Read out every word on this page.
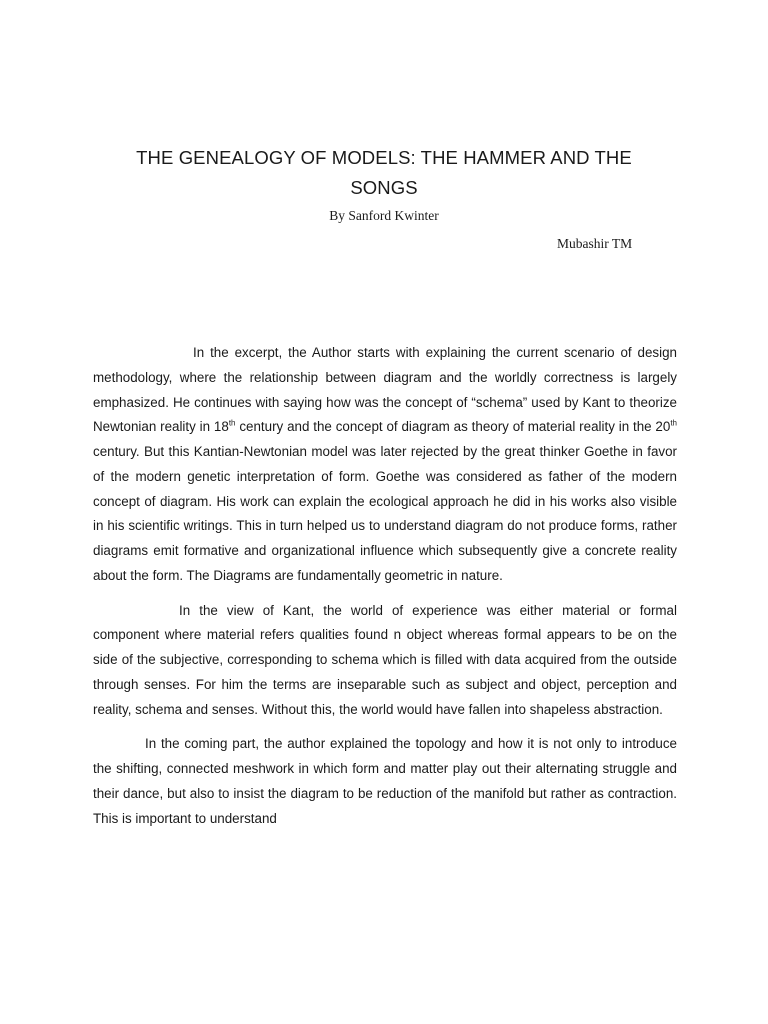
THE GENEALOGY OF MODELS: THE HAMMER AND THE SONGS
By Sanford Kwinter
Mubashir TM

In the excerpt, the Author starts with explaining the current scenario of design methodology, where the relationship between diagram and the worldly correctness is largely emphasized. He continues with saying how was the concept of “schema” used by Kant to theorize Newtonian reality in 18th century and the concept of diagram as theory of material reality in the 20th century. But this Kantian-Newtonian model was later rejected by the great thinker Goethe in favor of the modern genetic interpretation of form. Goethe was considered as father of the modern concept of diagram. His work can explain the ecological approach he did in his works also visible in his scientific writings. This in turn helped us to understand diagram do not produce forms, rather diagrams emit formative and organizational influence which subsequently give a concrete reality about the form. The Diagrams are fundamentally geometric in nature.

In the view of Kant, the world of experience was either material or formal component where material refers qualities found n object whereas formal appears to be on the side of the subjective, corresponding to schema which is filled with data acquired from the outside through senses. For him the terms are inseparable such as subject and object, perception and reality, schema and senses. Without this, the world would have fallen into shapeless abstraction.

In the coming part, the author explained the topology and how it is not only to introduce the shifting, connected meshwork in which form and matter play out their alternating struggle and their dance, but also to insist the diagram to be reduction of the manifold but rather as contraction. This is important to understand
